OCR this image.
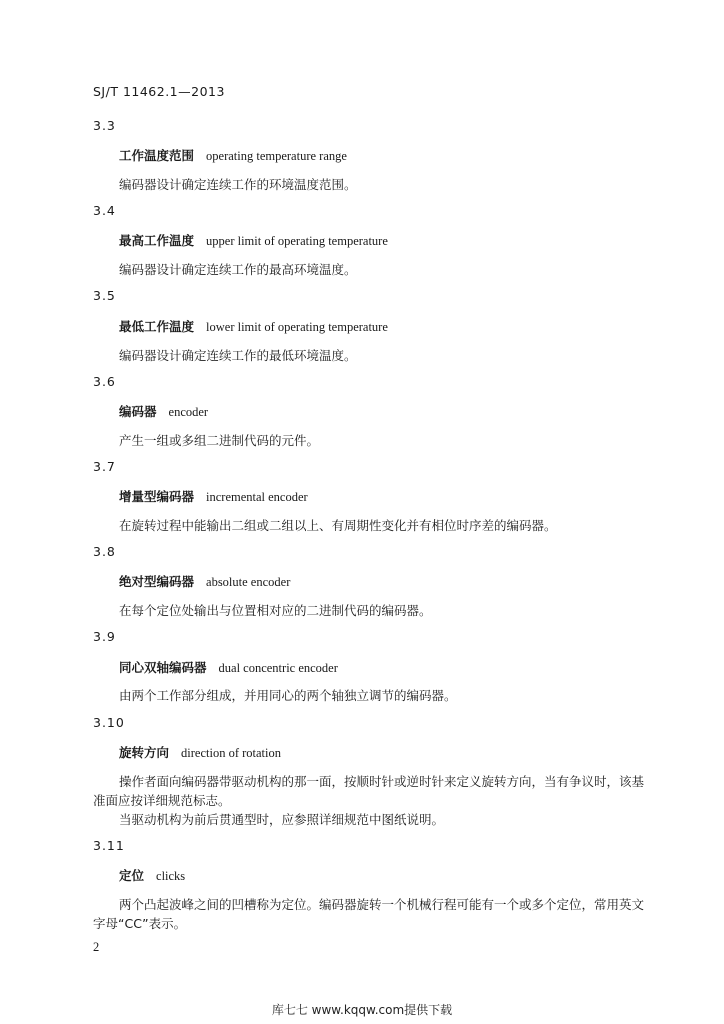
SJ/T 11462.1—2013
3.3
工作温度范围 operating temperature range
编码器设计确定连续工作的环境温度范围。
3.4
最高工作温度 upper limit of operating temperature
编码器设计确定连续工作的最高环境温度。
3.5
最低工作温度 lower limit of operating temperature
编码器设计确定连续工作的最低环境温度。
3.6
编码器 encoder
产生一组或多组二进制代码的元件。
3.7
增量型编码器 incremental encoder
在旋转过程中能输出二组或二组以上、有周期性变化并有相位时序差的编码器。
3.8
绝对型编码器 absolute encoder
在每个定位处输出与位置相对应的二进制代码的编码器。
3.9
同心双轴编码器 dual concentric encoder
由两个工作部分组成，并用同心的两个轴独立调节的编码器。
3.10
旋转方向 direction of rotation
操作者面向编码器带驱动机构的那一面，按顺时针或逆时针来定义旋转方向，当有争议时，该基
准面应按详细规范标志。
当驱动机构为前后贯通型时，应参照详细规范中图纸说明。
3.11
定位 clicks
两个凸起波峰之间的凹槽称为定位。编码器旋转一个机械行程可能有一个或多个定位，常用英文
字母“CC”表示。
2
库七七 www.kqqw.com提供下载
